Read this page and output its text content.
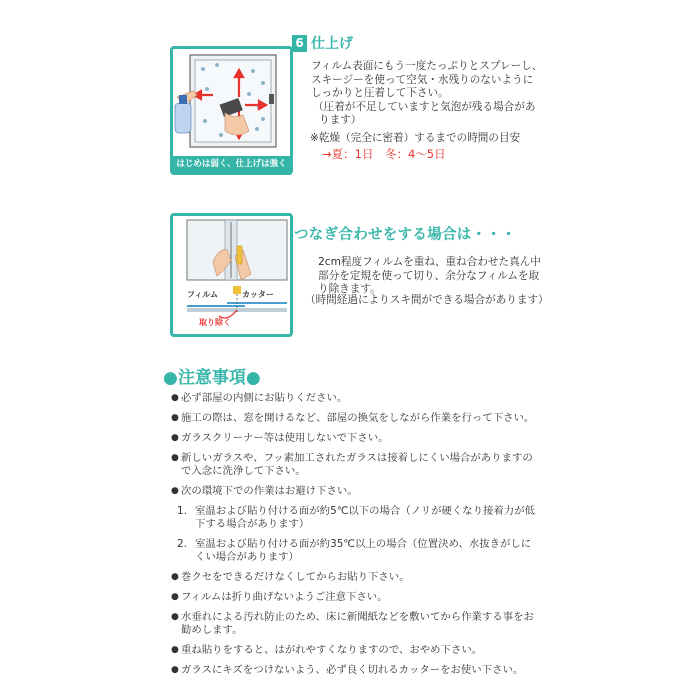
はじめは弱く、仕上げは強く
6 仕上げ
フィルム表面にもう一度たっぷりとスプレーし、
スキージーを使って空気・水残りのないように
しっかりと圧着して下さい。
（圧着が不足していますと気泡が残る場合があ
ります）
※乾燥（完全に密着）するまでの時間の目安
→夏：1日　冬：4～5日
フィルム	カッター
取り除く
つなぎ合わせをする場合は・・・
2cm程度フィルムを重ね、重ね合わせた真ん中
部分を定規を使って切り、余分なフィルムを取
り除きます。
（時間経過によりスキ間ができる場合があります）
●注意事項●
● 必ず部屋の内側にお貼りください。
● 施工の際は、窓を開けるなど、部屋の換気をしながら作業を行って下さい。
● ガラスクリーナー等は使用しないで下さい。
● 新しいガラスや、フッ素加工されたガラスは接着しにくい場合がありますので入念に洗浄して下さい。
● 次の環境下での作業はお避け下さい。
1. 室温および貼り付ける面が約5℃以下の場合（ノリが硬くなり接着力が低下する場合があります）
2. 室温および貼り付ける面が約35℃以上の場合（位置決め、水抜きがしにくい場合があります）
● 巻クセをできるだけなくしてからお貼り下さい。
● フィルムは折り曲げないようご注意下さい。
● 水垂れによる汚れ防止のため、床に新聞紙などを敷いてから作業する事をお勧めします。
● 重ね貼りをすると、はがれやすくなりますので、おやめ下さい。
● ガラスにキズをつけないよう、必ず良く切れるカッターをお使い下さい。
